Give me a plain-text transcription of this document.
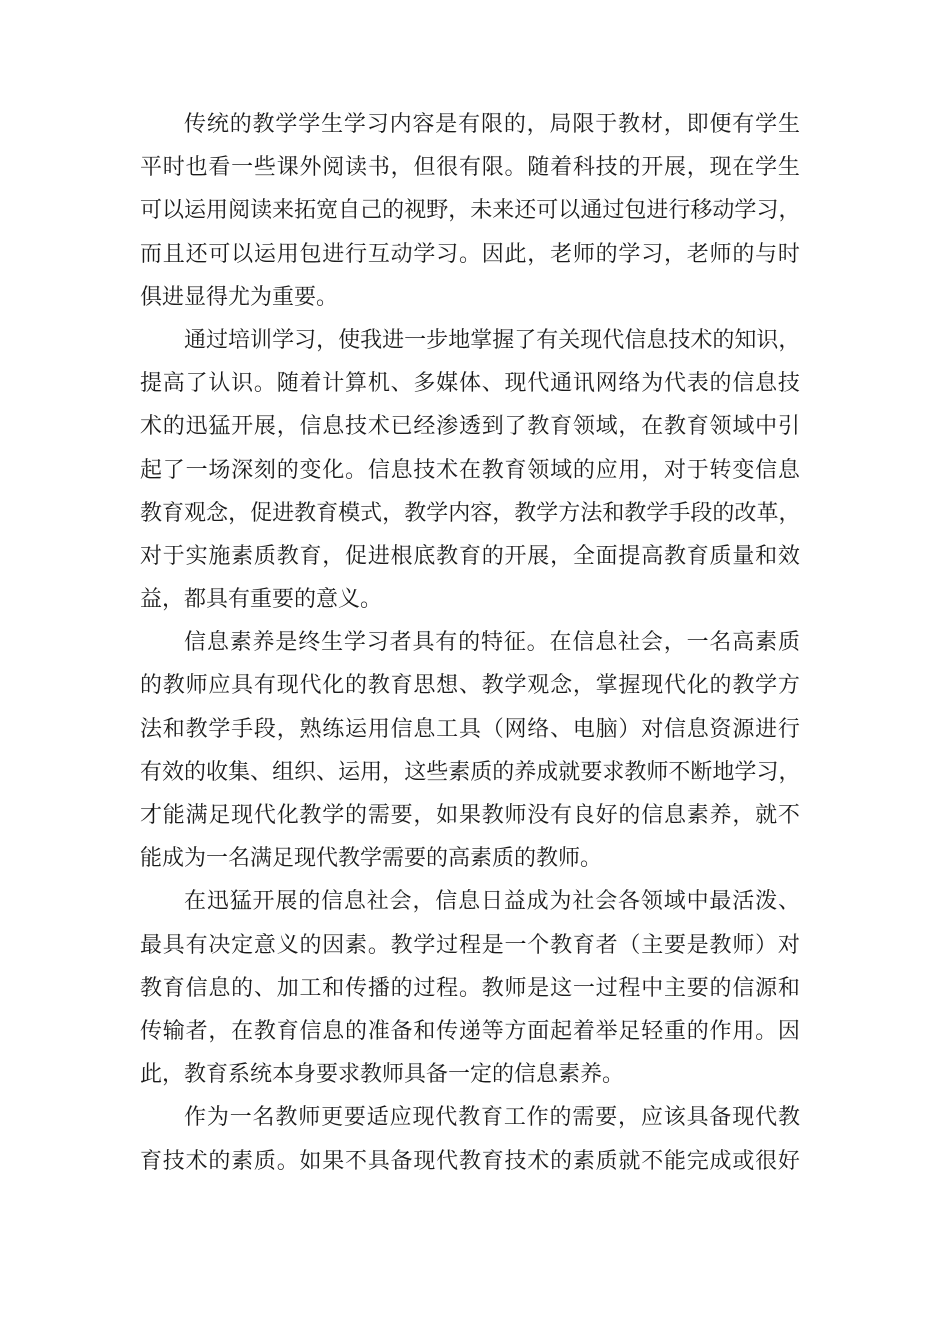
传 统 的 教 学 学 生 学 习 内 容 是 有 限 的 ， 局 限 于 教 材 ， 即 便 有 学 生
平 时 也 看 一 些 课 外 阅 读 书 ， 但 很 有 限 。 随 着 科 技 的 开 展 ， 现 在 学 生
可 以 运 用 阅 读 来 拓 宽 自 己 的 视 野 ， 未 来 还 可 以 通 过 包 进 行 移 动 学 习 ，
而 且 还 可 以 运 用 包 进 行 互 动 学 习 。 因 此 ， 老 师 的 学 习 ， 老 师 的 与 时
俱进显得尤为重要。
通 过 培 训 学 习 ， 使 我 进 一 步 地 掌 握 了 有 关 现 代 信 息 技 术 的 知 识 ，
提 高 了 认 识 。 随 着 计 算 机 、 多 媒 体 、 现 代 通 讯 网 络 为 代 表 的 信 息 技
术 的 迅 猛 开 展 ， 信 息 技 术 已 经 渗 透 到 了 教 育 领 域 ， 在 教 育 领 域 中 引
起 了 一 场 深 刻 的 变 化 。 信 息 技 术 在 教 育 领 域 的 应 用 ， 对 于 转 变 信 息
教 育 观 念 ， 促 进 教 育 模 式 ， 教 学 内 容 ， 教 学 方 法 和 教 学 手 段 的 改 革 ，
对 于 实 施 素 质 教 育 ， 促 进 根 底 教 育 的 开 展 ， 全 面 提 高 教 育 质 量 和 效
益，都具有重要的意义。
信 息 素 养 是 终 生 学 习 者 具 有 的 特 征 。 在 信 息 社 会 ， 一 名 高 素 质
的 教 师 应 具 有 现 代 化 的 教 育 思 想 、 教 学 观 念 ， 掌 握 现 代 化 的 教 学 方
法 和 教 学 手 段 ， 熟 练 运 用 信 息 工 具 （ 网 络 、 电 脑 ） 对 信 息 资 源 进 行
有 效 的 收 集 、 组 织 、 运 用 ， 这 些 素 质 的 养 成 就 要 求 教 师 不 断 地 学 习 ，
才 能 满 足 现 代 化 教 学 的 需 要 ， 如 果 教 师 没 有 良 好 的 信 息 素 养 ， 就 不
能成为一名满足现代教学需要的高素质的教师。
在 迅 猛 开 展 的 信 息 社 会 ， 信 息 日 益 成 为 社 会 各 领 域 中 最 活 泼 、
最 具 有 决 定 意 义 的 因 素 。 教 学 过 程 是 一 个 教 育 者 （ 主 要 是 教 师 ） 对
教 育 信 息 的 、 加 工 和 传 播 的 过 程 。 教 师 是 这 一 过 程 中 主 要 的 信 源 和
传 输 者 ， 在 教 育 信 息 的 准 备 和 传 递 等 方 面 起 着 举 足 轻 重 的 作 用 。 因
此，教育系统本身要求教师具备一定的信息素养。
作 为 一 名 教 师 更 要 适 应 现 代 教 育 工 作 的 需 要 ， 应 该 具 备 现 代 教
育 技 术 的 素 质 。 如 果 不 具 备 现 代 教 育 技 术 的 素 质 就 不 能 完 成 或 很 好
